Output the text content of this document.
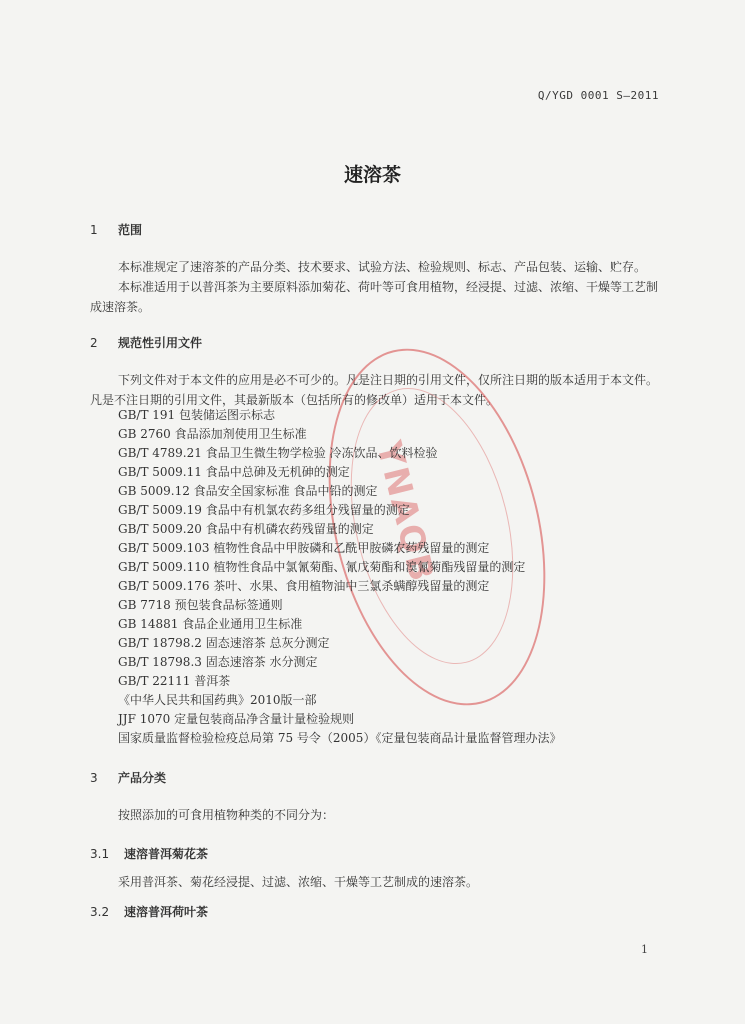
Q/YGD 0001 S—2011
速溶茶
1 范围

本标准规定了速溶茶的产品分类、技术要求、试验方法、检验规则、标志、产品包装、运输、贮存。

本标准适用于以普洱茶为主要原料添加菊花、荷叶等可食用植物，经浸提、过滤、浓缩、干燥等工艺制成速溶茶。

2 规范性引用文件

下列文件对于本文件的应用是必不可少的。凡是注日期的引用文件，仅所注日期的版本适用于本文件。凡是不注日期的引用文件，其最新版本（包括所有的修改单）适用于本文件。

YNAQB
GB/T 191 包装储运图示标志
GB 2760 食品添加剂使用卫生标准
GB/T 4789.21 食品卫生微生物学检验 冷冻饮品、饮料检验
GB/T 5009.11 食品中总砷及无机砷的测定
GB 5009.12 食品安全国家标准 食品中铅的测定
GB/T 5009.19 食品中有机氯农药多组分残留量的测定
GB/T 5009.20 食品中有机磷农药残留量的测定
GB/T 5009.103 植物性食品中甲胺磷和乙酰甲胺磷农药残留量的测定
GB/T 5009.110 植物性食品中氯氰菊酯、氰戊菊酯和溴氰菊酯残留量的测定
GB/T 5009.176 茶叶、水果、食用植物油中三氯杀螨醇残留量的测定
GB 7718 预包装食品标签通则
GB 14881 食品企业通用卫生标准
GB/T 18798.2 固态速溶茶 总灰分测定
GB/T 18798.3 固态速溶茶 水分测定
GB/T 22111 普洱茶
《中华人民共和国药典》2010版一部
JJF 1070 定量包装商品净含量计量检验规则
国家质量监督检验检疫总局第 75 号令（2005）《定量包装商品计量监督管理办法》
3 产品分类

按照添加的可食用植物种类的不同分为：

3.1 速溶普洱菊花茶

采用普洱茶、菊花经浸提、过滤、浓缩、干燥等工艺制成的速溶茶。

3.2 速溶普洱荷叶茶
1
